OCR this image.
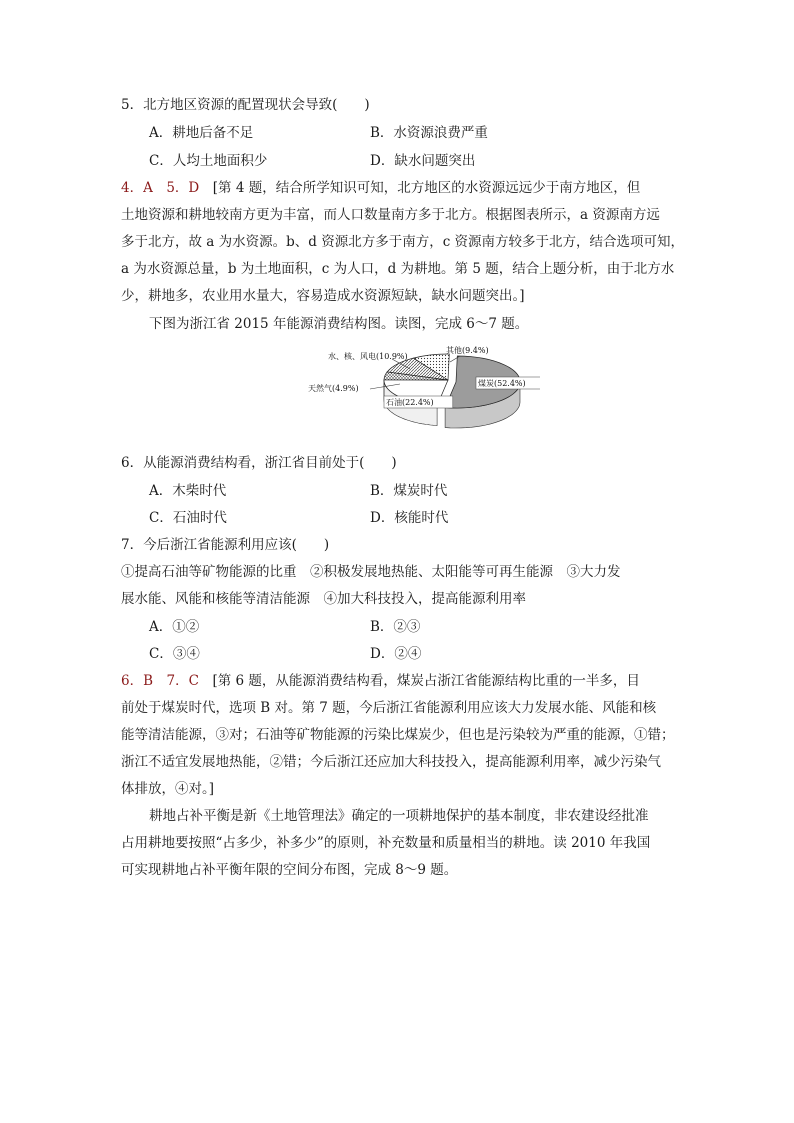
5．北方地区资源的配置现状会导致(　　)
A．耕地后备不足	B．水资源浪费严重
C．人均土地面积少	D．缺水问题突出
4．A　5．D　 [第 4 题，结合所学知识可知，北方地区的水资源远远少于南方地区，但
土地资源和耕地较南方更为丰富，而人口数量南方多于北方。根据图表所示，a 资源南方远
多于北方，故 a 为水资源。b、d 资源北方多于南方，c 资源南方较多于北方，结合选项可知，
a 为水资源总量，b 为土地面积，c 为人口，d 为耕地。第 5 题，结合上题分析，由于北方水
少，耕地多，农业用水量大，容易造成水资源短缺，缺水问题突出。]
下图为浙江省 2015 年能源消费结构图。读图，完成 6～7 题。
煤炭(52.4%)
石油(22.4%)
天然气(4.9%)
水、核、风电(10.9%)
其他(9.4%)
6．从能源消费结构看，浙江省目前处于(　　)
A．木柴时代	B．煤炭时代
C．石油时代	D．核能时代
7．今后浙江省能源利用应该(　　)
①提高石油等矿物能源的比重　②积极发展地热能、太阳能等可再生能源　③大力发
展水能、风能和核能等清洁能源　④加大科技投入，提高能源利用率
A．①②	B．②③
C．③④	D．②④
6．B　7．C　 [第 6 题，从能源消费结构看，煤炭占浙江省能源结构比重的一半多，目
前处于煤炭时代，选项 B 对。第 7 题，今后浙江省能源利用应该大力发展水能、风能和核
能等清洁能源，③对；石油等矿物能源的污染比煤炭少，但也是污染较为严重的能源，①错；
浙江不适宜发展地热能，②错；今后浙江还应加大科技投入，提高能源利用率，减少污染气
体排放，④对。]
耕地占补平衡是新《土地管理法》确定的一项耕地保护的基本制度，非农建设经批准
占用耕地要按照“占多少，补多少”的原则，补充数量和质量相当的耕地。读 2010 年我国
可实现耕地占补平衡年限的空间分布图，完成 8～9 题。
